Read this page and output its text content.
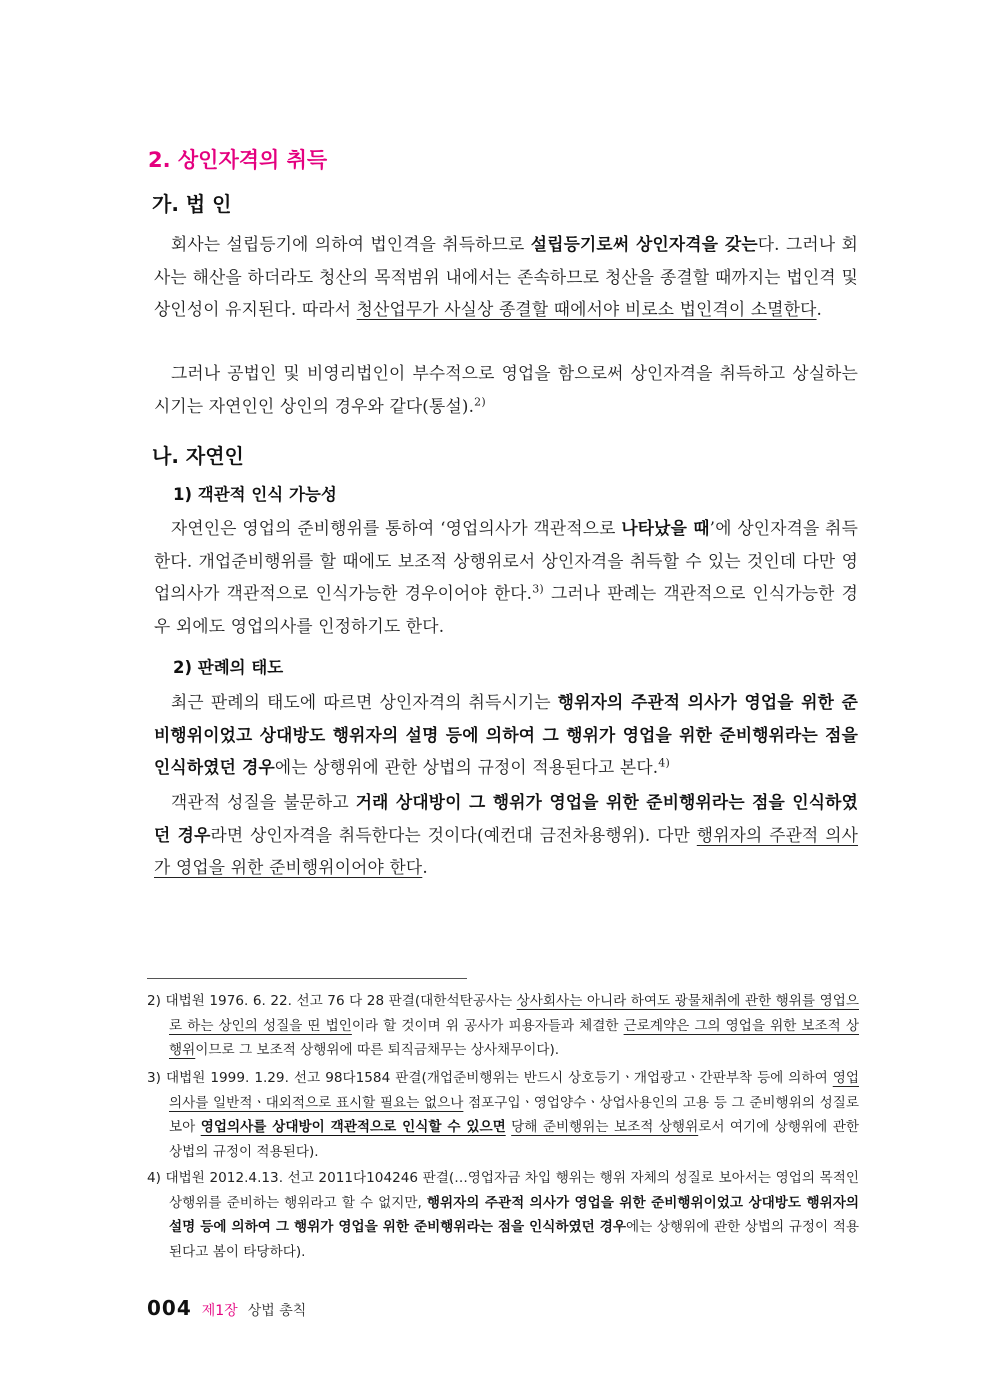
2. 상인자격의 취득
가. 법 인

회사는 설립등기에 의하여 법인격을 취득하므로 설립등기로써 상인자격을 갖는다. 그러나 회사는 해산을 하더라도 청산의 목적범위 내에서는 존속하므로 청산을 종결할 때까지는 법인격 및 상인성이 유지된다. 따라서 청산업무가 사실상 종결할 때에서야 비로소 법인격이 소멸한다.

그러나 공법인 및 비영리법인이 부수적으로 영업을 함으로써 상인자격을 취득하고 상실하는 시기는 자연인인 상인의 경우와 같다(통설).$^{2)}$

나. 자연인
1) 객관적 인식 가능성

자연인은 영업의 준비행위를 통하여 ‘영업의사가 객관적으로 나타났을 때’에 상인자격을 취득한다. 개업준비행위를 할 때에도 보조적 상행위로서 상인자격을 취득할 수 있는 것인데 다만 영업의사가 객관적으로 인식가능한 경우이어야 한다.$^{3)}$ 그러나 판례는 객관적으로 인식가능한 경우 외에도 영업의사를 인정하기도 한다.

2) 판례의 태도

최근 판례의 태도에 따르면 상인자격의 취득시기는 행위자의 주관적 의사가 영업을 위한 준비행위이었고 상대방도 행위자의 설명 등에 의하여 그 행위가 영업을 위한 준비행위라는 점을 인식하였던 경우에는 상행위에 관한 상법의 규정이 적용된다고 본다.$^{4)}$

객관적 성질을 불문하고 거래 상대방이 그 행위가 영업을 위한 준비행위라는 점을 인식하였던 경우라면 상인자격을 취득한다는 것이다(예컨대 금전차용행위). 다만 행위자의 주관적 의사가 영업을 위한 준비행위이어야 한다.

2) 대법원 1976. 6. 22. 선고 76 다 28 판결(대한석탄공사는 상사회사는 아니라 하여도 광물채취에 관한 행위를 영업으로 하는 상인의 성질을 띤 법인이라 할 것이며 위 공사가 피용자들과 체결한 근로계약은 그의 영업을 위한 보조적 상행위이므로 그 보조적 상행위에 따른 퇴직금채무는 상사채무이다).

3) 대법원 1999. 1.29. 선고 98다1584 판결(개업준비행위는 반드시 상호등기ㆍ개업광고ㆍ간판부착 등에 의하여 영업의사를 일반적ㆍ대외적으로 표시할 필요는 없으나 점포구입ㆍ영업양수ㆍ상업사용인의 고용 등 그 준비행위의 성질로 보아 영업의사를 상대방이 객관적으로 인식할 수 있으면 당해 준비행위는 보조적 상행위로서 여기에 상행위에 관한 상법의 규정이 적용된다).

4) 대법원 2012.4.13. 선고 2011다104246 판결(…영업자금 차입 행위는 행위 자체의 성질로 보아서는 영업의 목적인 상행위를 준비하는 행위라고 할 수 없지만, 행위자의 주관적 의사가 영업을 위한 준비행위이었고 상대방도 행위자의 설명 등에 의하여 그 행위가 영업을 위한 준비행위라는 점을 인식하였던 경우에는 상행위에 관한 상법의 규정이 적용된다고 봄이 타당하다).

004 제1장 상법 총칙
